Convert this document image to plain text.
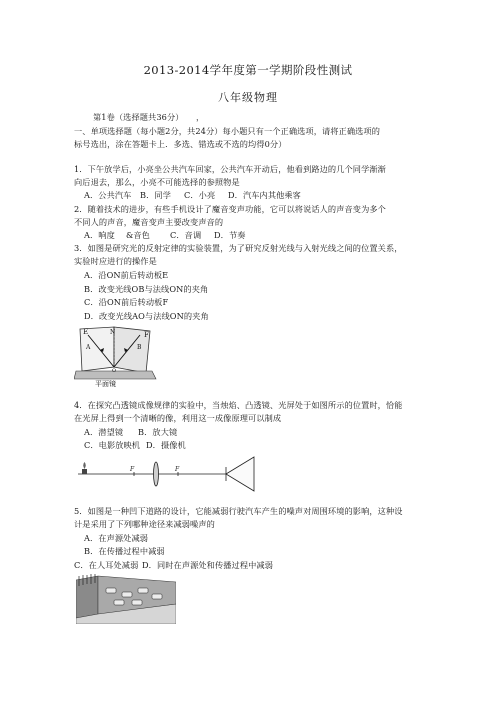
2013-2014学年度第一学期阶段性测试
八年级物理
第1卷（选择题共36分）　　，
一、单项选择题（每小题2分，共24分）每小题只有一个正确选项，请将正确选项的
标号选出，涂在答题卡上．多选、错选或不选的均得0分）
1．下午放学后，小亮坐公共汽车回家，公共汽车开动后，他看到路边的几个同学渐渐
向后退去，那么，小亮不可能选择的参照物是
A．公共汽车 B．同学 C．小亮 D．汽车内其他乘客
2．随着技术的进步，有些手机设计了魔音变声功能，它可以将说话人的声音变为多个
不同人的声音，魔音变声主要改变声音的
A．响度 &音色 C．音调 D．节奏
3．如图是研究光的反射定律的实验装置，为了研究反射光线与入射光线之间的位置关系，
实验时应进行的操作是
A．沿ON前后转动板E
B．改变光线OB与法线ON的夹角
C．沿ON前后转动板F
D．改变光线AO与法线ON的夹角
E	N	F
A	B
O
平面镜
4．在探究凸透镜成像规律的实验中，当烛焰、凸透镜、光屏处于如图所示的位置时，恰能
在光屏上得到一个清晰的像，利用这一成像原理可以制成
A．潜望镜 B．放大镜
C．电影放映机 D．摄像机
F	F
5．如图是一种凹下道路的设计，它能减弱行驶汽车产生的噪声对周围环境的影响，这种设
计是采用了下列哪种途径来减弱噪声的
A．在声源处减弱
B．在传播过程中减弱
C．在人耳处减弱 D．同时在声源处和传播过程中减弱
